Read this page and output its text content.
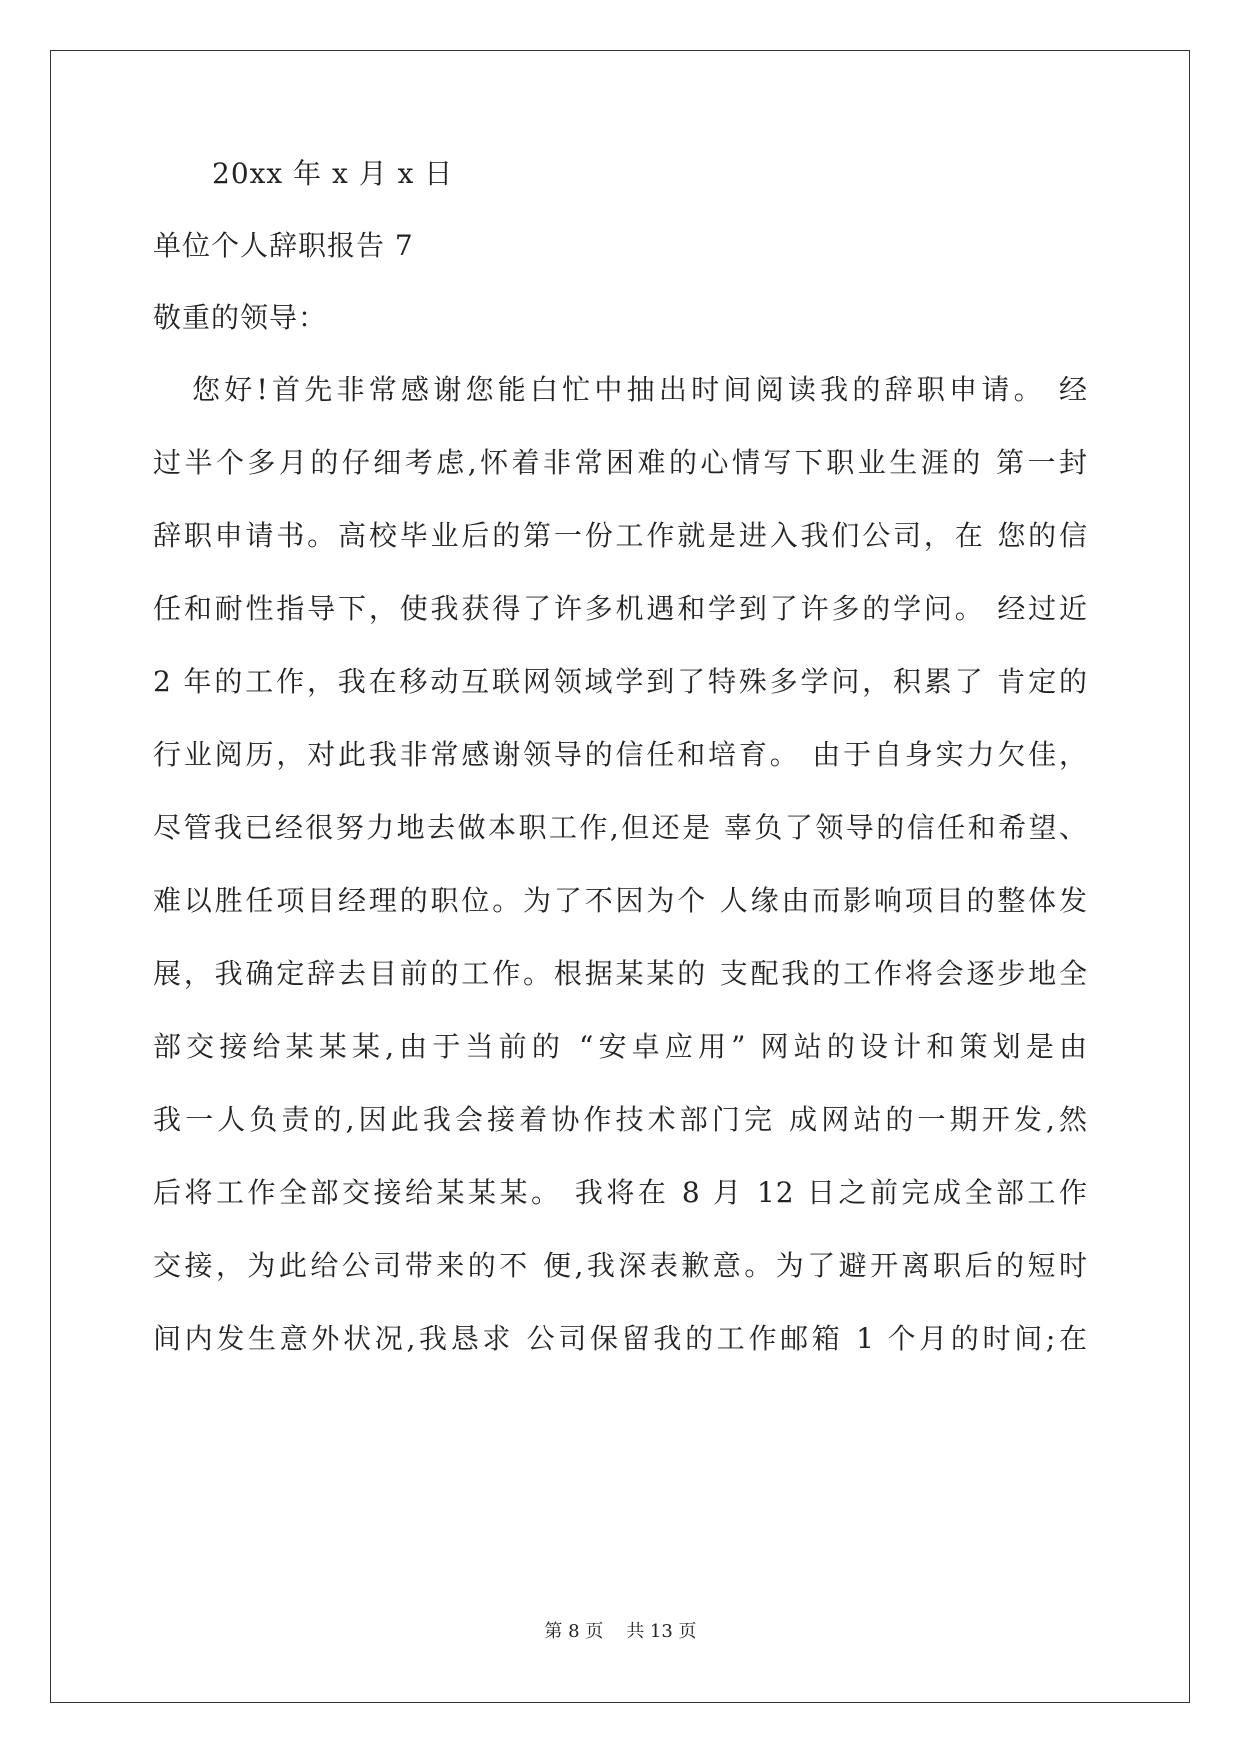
20xx 年 x 月 x 日
单位个人辞职报告 7
敬重的领导：
您好!首先非常感谢您能白忙中抽出时间阅读我的辞职申请。 经
过半个多月的仔细考虑,怀着非常困难的心情写下职业生涯的 第一封
辞职申请书。高校毕业后的第一份工作就是进入我们公司，在 您的信
任和耐性指导下，使我获得了许多机遇和学到了许多的学问。 经过近
2 年的工作，我在移动互联网领域学到了特殊多学问，积累了 肯定的
行业阅历，对此我非常感谢领导的信任和培育。 由于自身实力欠佳，
尽管我已经很努力地去做本职工作,但还是 辜负了领导的信任和希望、
难以胜任项目经理的职位。为了不因为个 人缘由而影响项目的整体发
展，我确定辞去目前的工作。根据某某的 支配我的工作将会逐步地全
部交接给某某某,由于当前的 “安卓应用” 网站的设计和策划是由
我一人负责的,因此我会接着协作技术部门完 成网站的一期开发,然
后将工作全部交接给某某某。 我将在 8 月 12 日之前完成全部工作
交接，为此给公司带来的不 便,我深表歉意。为了避开离职后的短时
间内发生意外状况,我恳求 公司保留我的工作邮箱 1 个月的时间;在
第 8 页    共 13 页
